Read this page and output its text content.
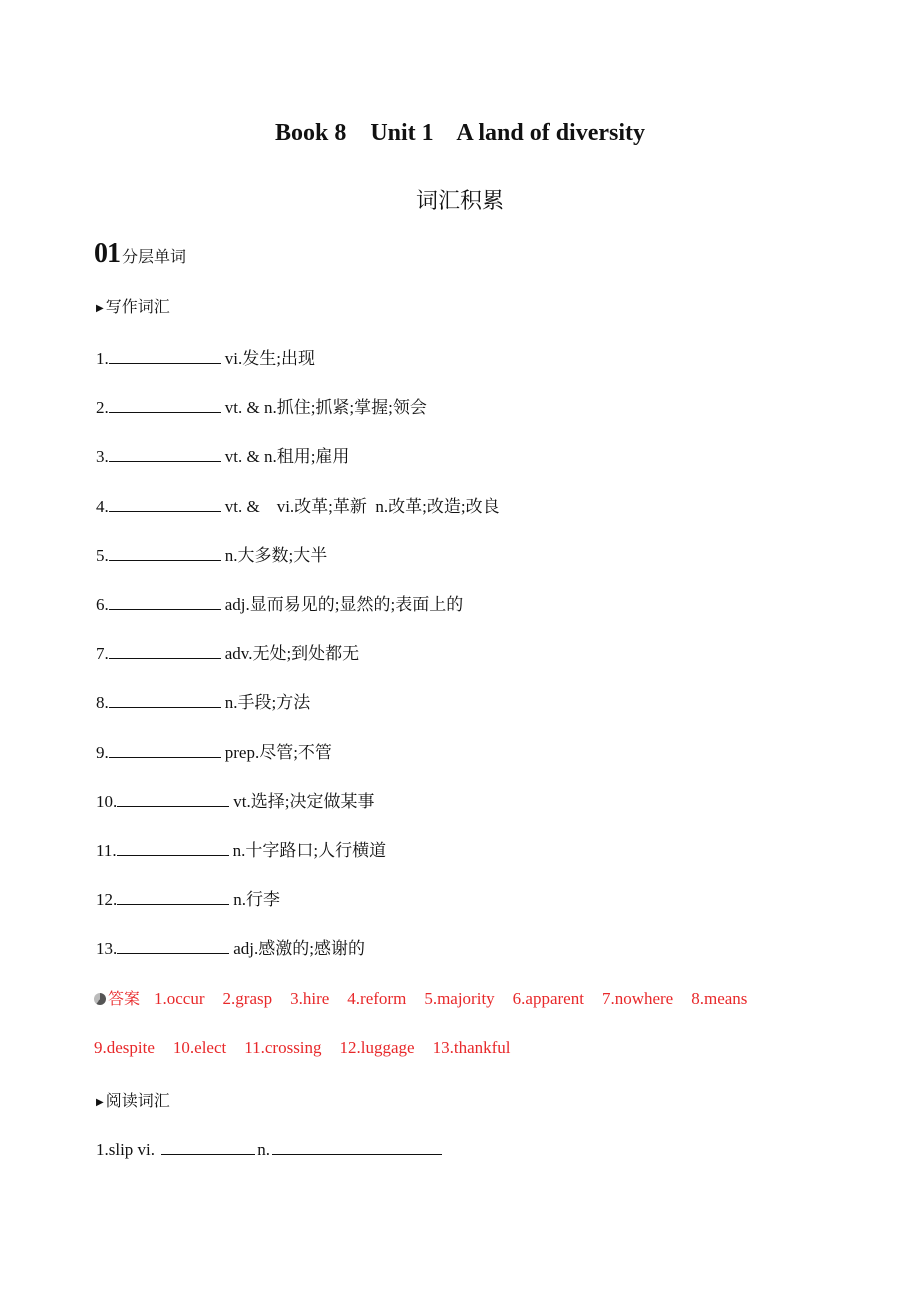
Book 8    Unit 1    A land of diversity
词汇积累
01 分层单词
▶ 写作词汇
1.	vi.发生;出现
2.	vt. & n.抓住;抓紧;掌握;领会
3.	vt. & n.租用;雇用
4.	vt. &    vi.改革;革新  n.改革;改造;改良
5.	n.大多数;大半
6.	adj.显而易见的;显然的;表面上的
7.	adv.无处;到处都无
8.	n.手段;方法
9.	prep.尽管;不管
10.	vt.选择;决定做某事
11.	n.十字路口;人行横道
12.	n.行李
13.	adj.感激的;感谢的
答案 1.occur 2.grasp 3.hire 4.reform 5.majority 6.apparent 7.nowhere 8.means
9.despite 10.elect 11.crossing 12.luggage 13.thankful
▶ 阅读词汇
1.slip vi.	n.
